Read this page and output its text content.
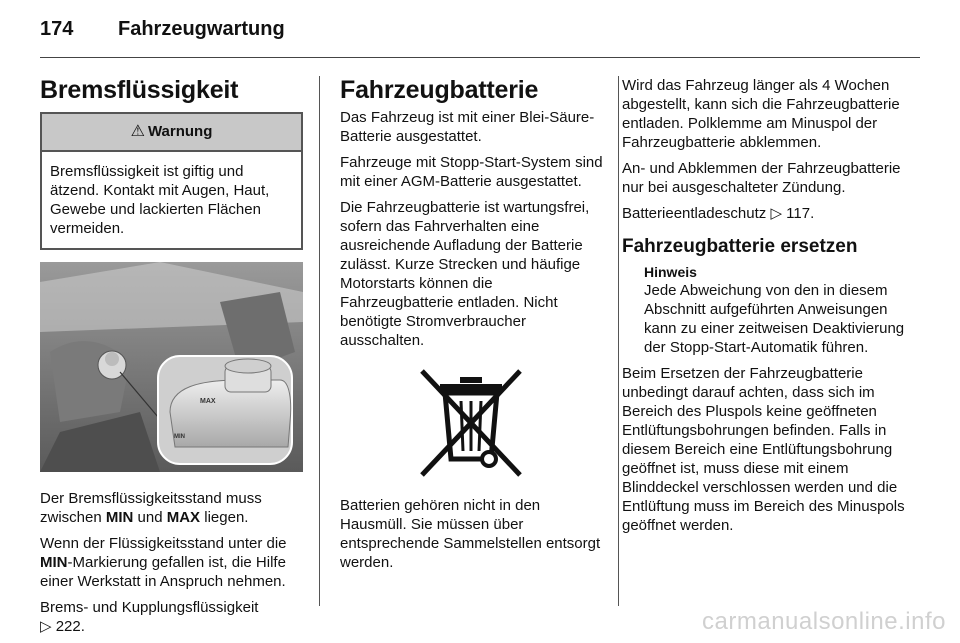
174 Fahrzeugwartung
Bremsflüssigkeit
⚠ Warnung
Bremsflüssigkeit ist giftig und ätzend. Kontakt mit Augen, Haut, Gewebe und lackierten Flächen vermeiden.
MAX
MIN

Der Bremsflüssigkeitsstand muss zwischen MIN und MAX liegen.

Wenn der Flüssigkeitsstand unter die MIN-Markierung gefallen ist, die Hilfe einer Werkstatt in Anspruch nehmen.

Brems- und Kupplungsflüssigkeit
▷ 222.

Fahrzeugbatterie

Das Fahrzeug ist mit einer Blei-Säure-Batterie ausgestattet.

Fahrzeuge mit Stopp-Start-System sind mit einer AGM-Batterie ausgestattet.

Die Fahrzeugbatterie ist wartungsfrei, sofern das Fahrverhalten eine ausreichende Aufladung der Batterie zulässt. Kurze Strecken und häufige Motorstarts können die Fahrzeugbatterie entladen. Nicht benötigte Stromverbraucher ausschalten.

Batterien gehören nicht in den Hausmüll. Sie müssen über entsprechende Sammelstellen entsorgt werden.

Wird das Fahrzeug länger als 4 Wochen abgestellt, kann sich die Fahrzeugbatterie entladen. Polklemme am Minuspol der Fahrzeugbatterie abklemmen.

An- und Abklemmen der Fahrzeugbatterie nur bei ausgeschalteter Zündung.

Batterieentladeschutz ▷ 117.

Fahrzeugbatterie ersetzen
Hinweis

Jede Abweichung von den in diesem Abschnitt aufgeführten Anweisungen kann zu einer zeitweisen Deaktivierung der Stopp-Start-Automatik führen.

Beim Ersetzen der Fahrzeugbatterie unbedingt darauf achten, dass sich im Bereich des Pluspols keine geöffneten Entlüftungsbohrungen befinden. Falls in diesem Bereich eine Entlüftungsbohrung geöffnet ist, muss diese mit einem Blinddeckel verschlossen werden und die Entlüftung muss im Bereich des Minuspols geöffnet werden.

carmanualsonline.info
